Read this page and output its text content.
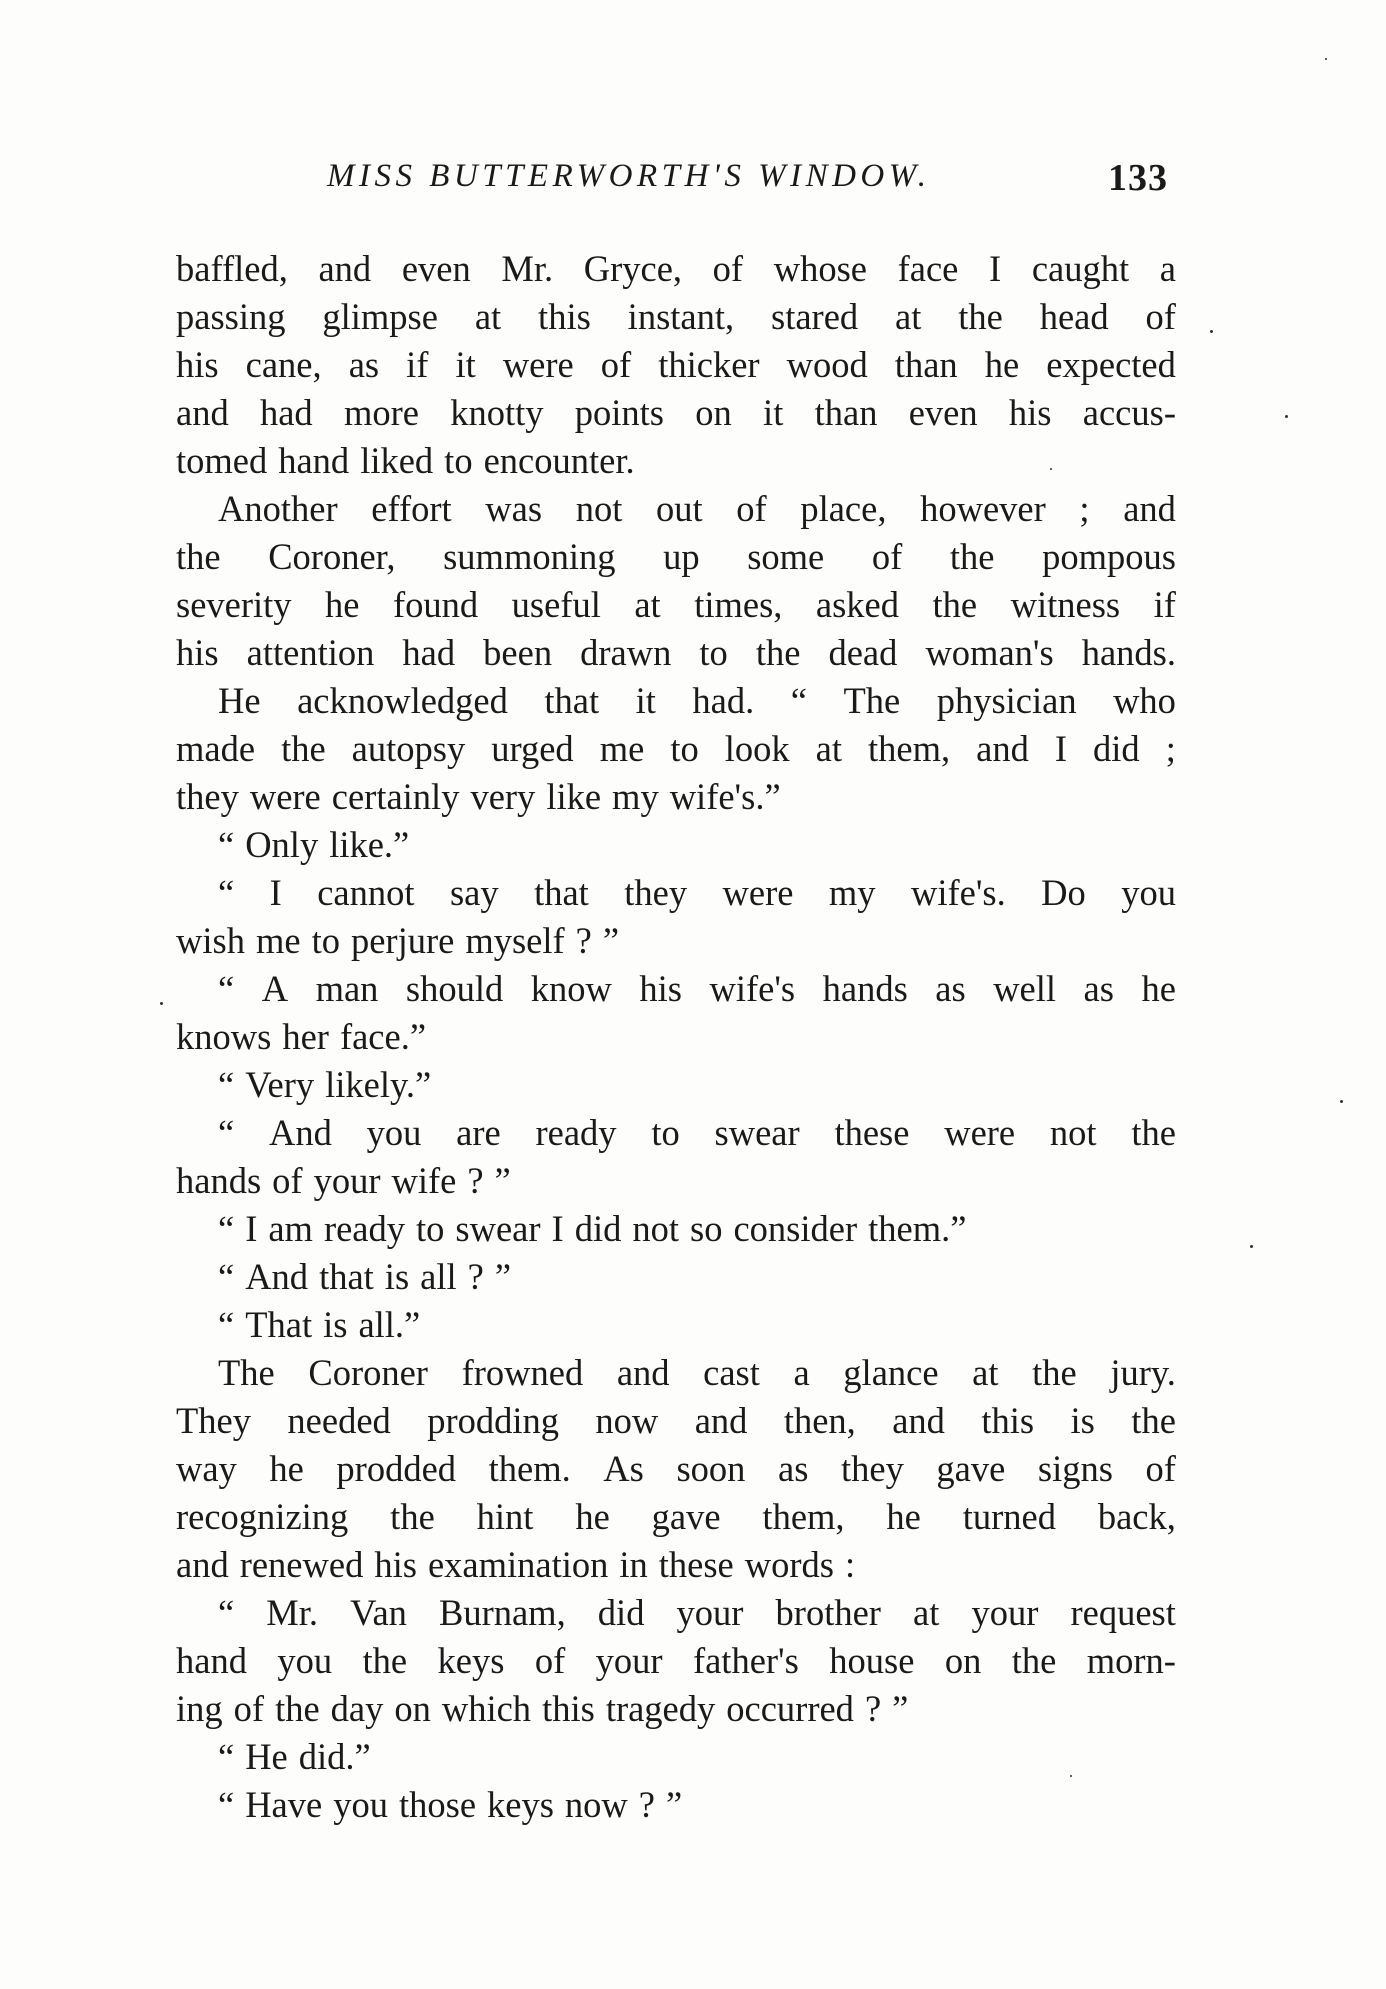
MISS BUTTERWORTH'S WINDOW.	133
baffled, and even Mr. Gryce, of whose face I caught a
passing glimpse at this instant, stared at the head of
his cane, as if it were of thicker wood than he expected
and had more knotty points on it than even his accus-
tomed hand liked to encounter.
Another effort was not out of place, however ; and
the Coroner, summoning up some of the pompous
severity he found useful at times, asked the witness if
his attention had been drawn to the dead woman's hands.
He acknowledged that it had. “ The physician who
made the autopsy urged me to look at them, and I did ;
they were certainly very like my wife's.”
“ Only like.”
“ I cannot say that they were my wife's. Do you
wish me to perjure myself ? ”
“ A man should know his wife's hands as well as he
knows her face.”
“ Very likely.”
“ And you are ready to swear these were not the
hands of your wife ? ”
“ I am ready to swear I did not so consider them.”
“ And that is all ? ”
“ That is all.”
The Coroner frowned and cast a glance at the jury.
They needed prodding now and then, and this is the
way he prodded them. As soon as they gave signs of
recognizing the hint he gave them, he turned back,
and renewed his examination in these words :
“ Mr. Van Burnam, did your brother at your request
hand you the keys of your father's house on the morn-
ing of the day on which this tragedy occurred ? ”
“ He did.”
“ Have you those keys now ? ”
